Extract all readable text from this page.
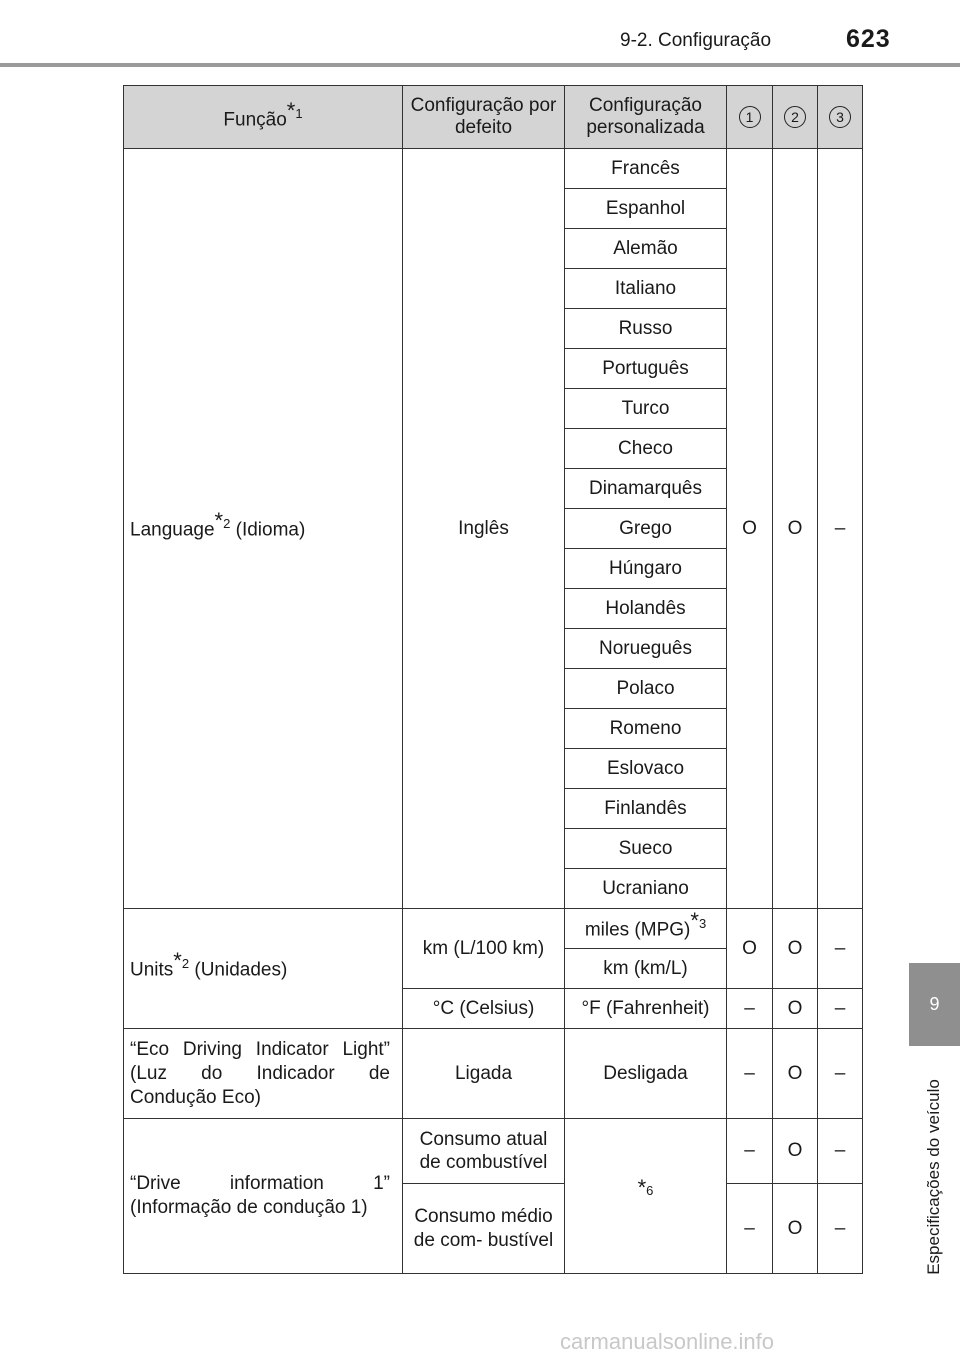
9-2. Configuração	623
9
Especificações do veículo
Função*$^1$	Configuração por defeito	Configuração personalizada	1	2	3
Language*$^2$ (Idioma)	Inglês	Francês	O	O	–
		Espanhol			
		Alemão			
		Italiano			
		Russo			
		Português			
		Turco			
		Checo			
		Dinamarquês			
		Grego			
		Húngaro			
		Holandês			
		Norueguês			
		Polaco			
		Romeno			
		Eslovaco			
		Finlandês			
		Sueco			
		Ucraniano			
Units*$^2$ (Unidades)	km (L/100 km)	miles (MPG)*$^3$	O	O	–
		km (km/L)			
	°C (Celsius)	°F (Fahrenheit)	–	O	–
“Eco Driving Indicator Light” (Luz do Indicador de Condução Eco)	Ligada	Desligada	–	O	–
“Drive information 1” (Informação de condução 1)	Consumo atual de combustível	*$^6$	–	O	–
	Consumo médio de com- bustível		–	O	–
carmanualsonline.info
